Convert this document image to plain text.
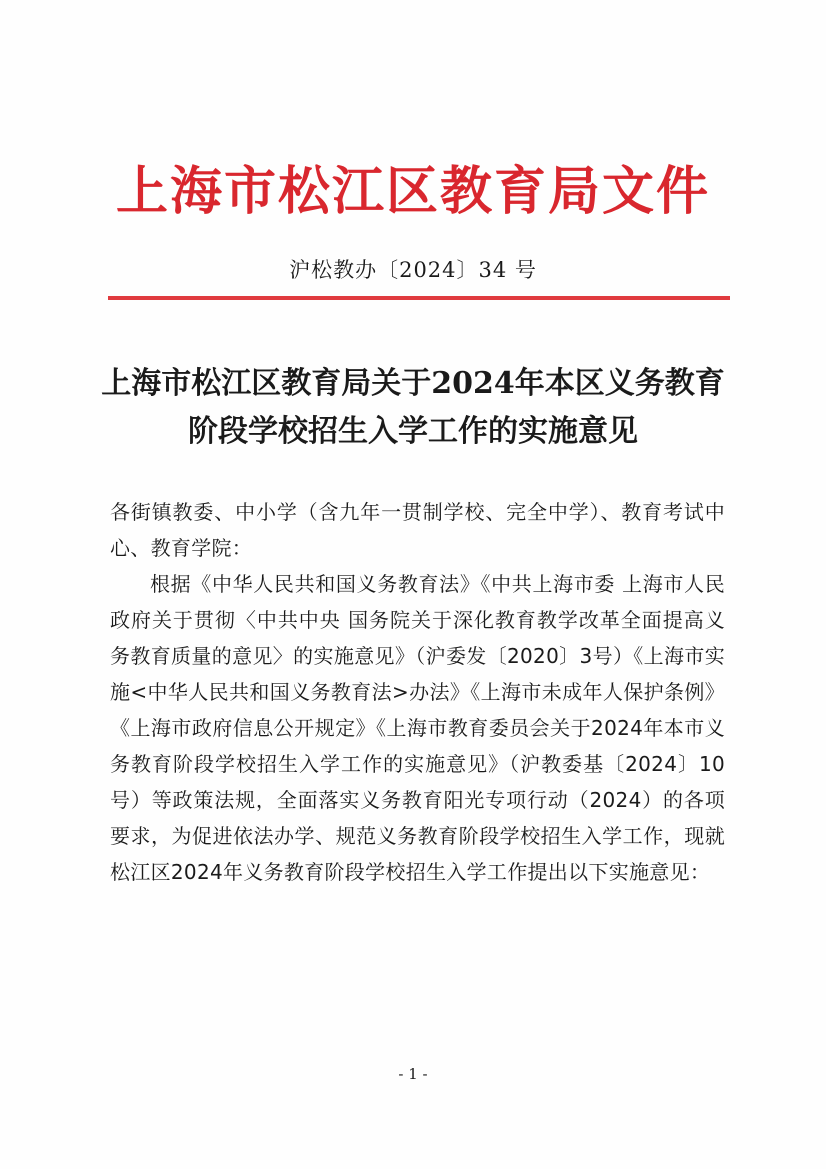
上海市松江区教育局文件
沪松教办〔2024〕34 号
上海市松江区教育局关于2024年本区义务教育
阶段学校招生入学工作的实施意见

各街镇教委、中小学（含九年一贯制学校、完全中学）、教育考试中心、教育学院：

根据《中华人民共和国义务教育法》《中共上海市委 上海市人民政府关于贯彻〈中共中央 国务院关于深化教育教学改革全面提高义务教育质量的意见〉的实施意见》（沪委发〔2020〕3号）《上海市实施<中华人民共和国义务教育法>办法》《上海市未成年人保护条例》《上海市政府信息公开规定》《上海市教育委员会关于2024年本市义务教育阶段学校招生入学工作的实施意见》（沪教委基〔2024〕10号）等政策法规，全面落实义务教育阳光专项行动（2024）的各项要求，为促进依法办学、规范义务教育阶段学校招生入学工作，现就松江区2024年义务教育阶段学校招生入学工作提出以下实施意见：

- 1 -
